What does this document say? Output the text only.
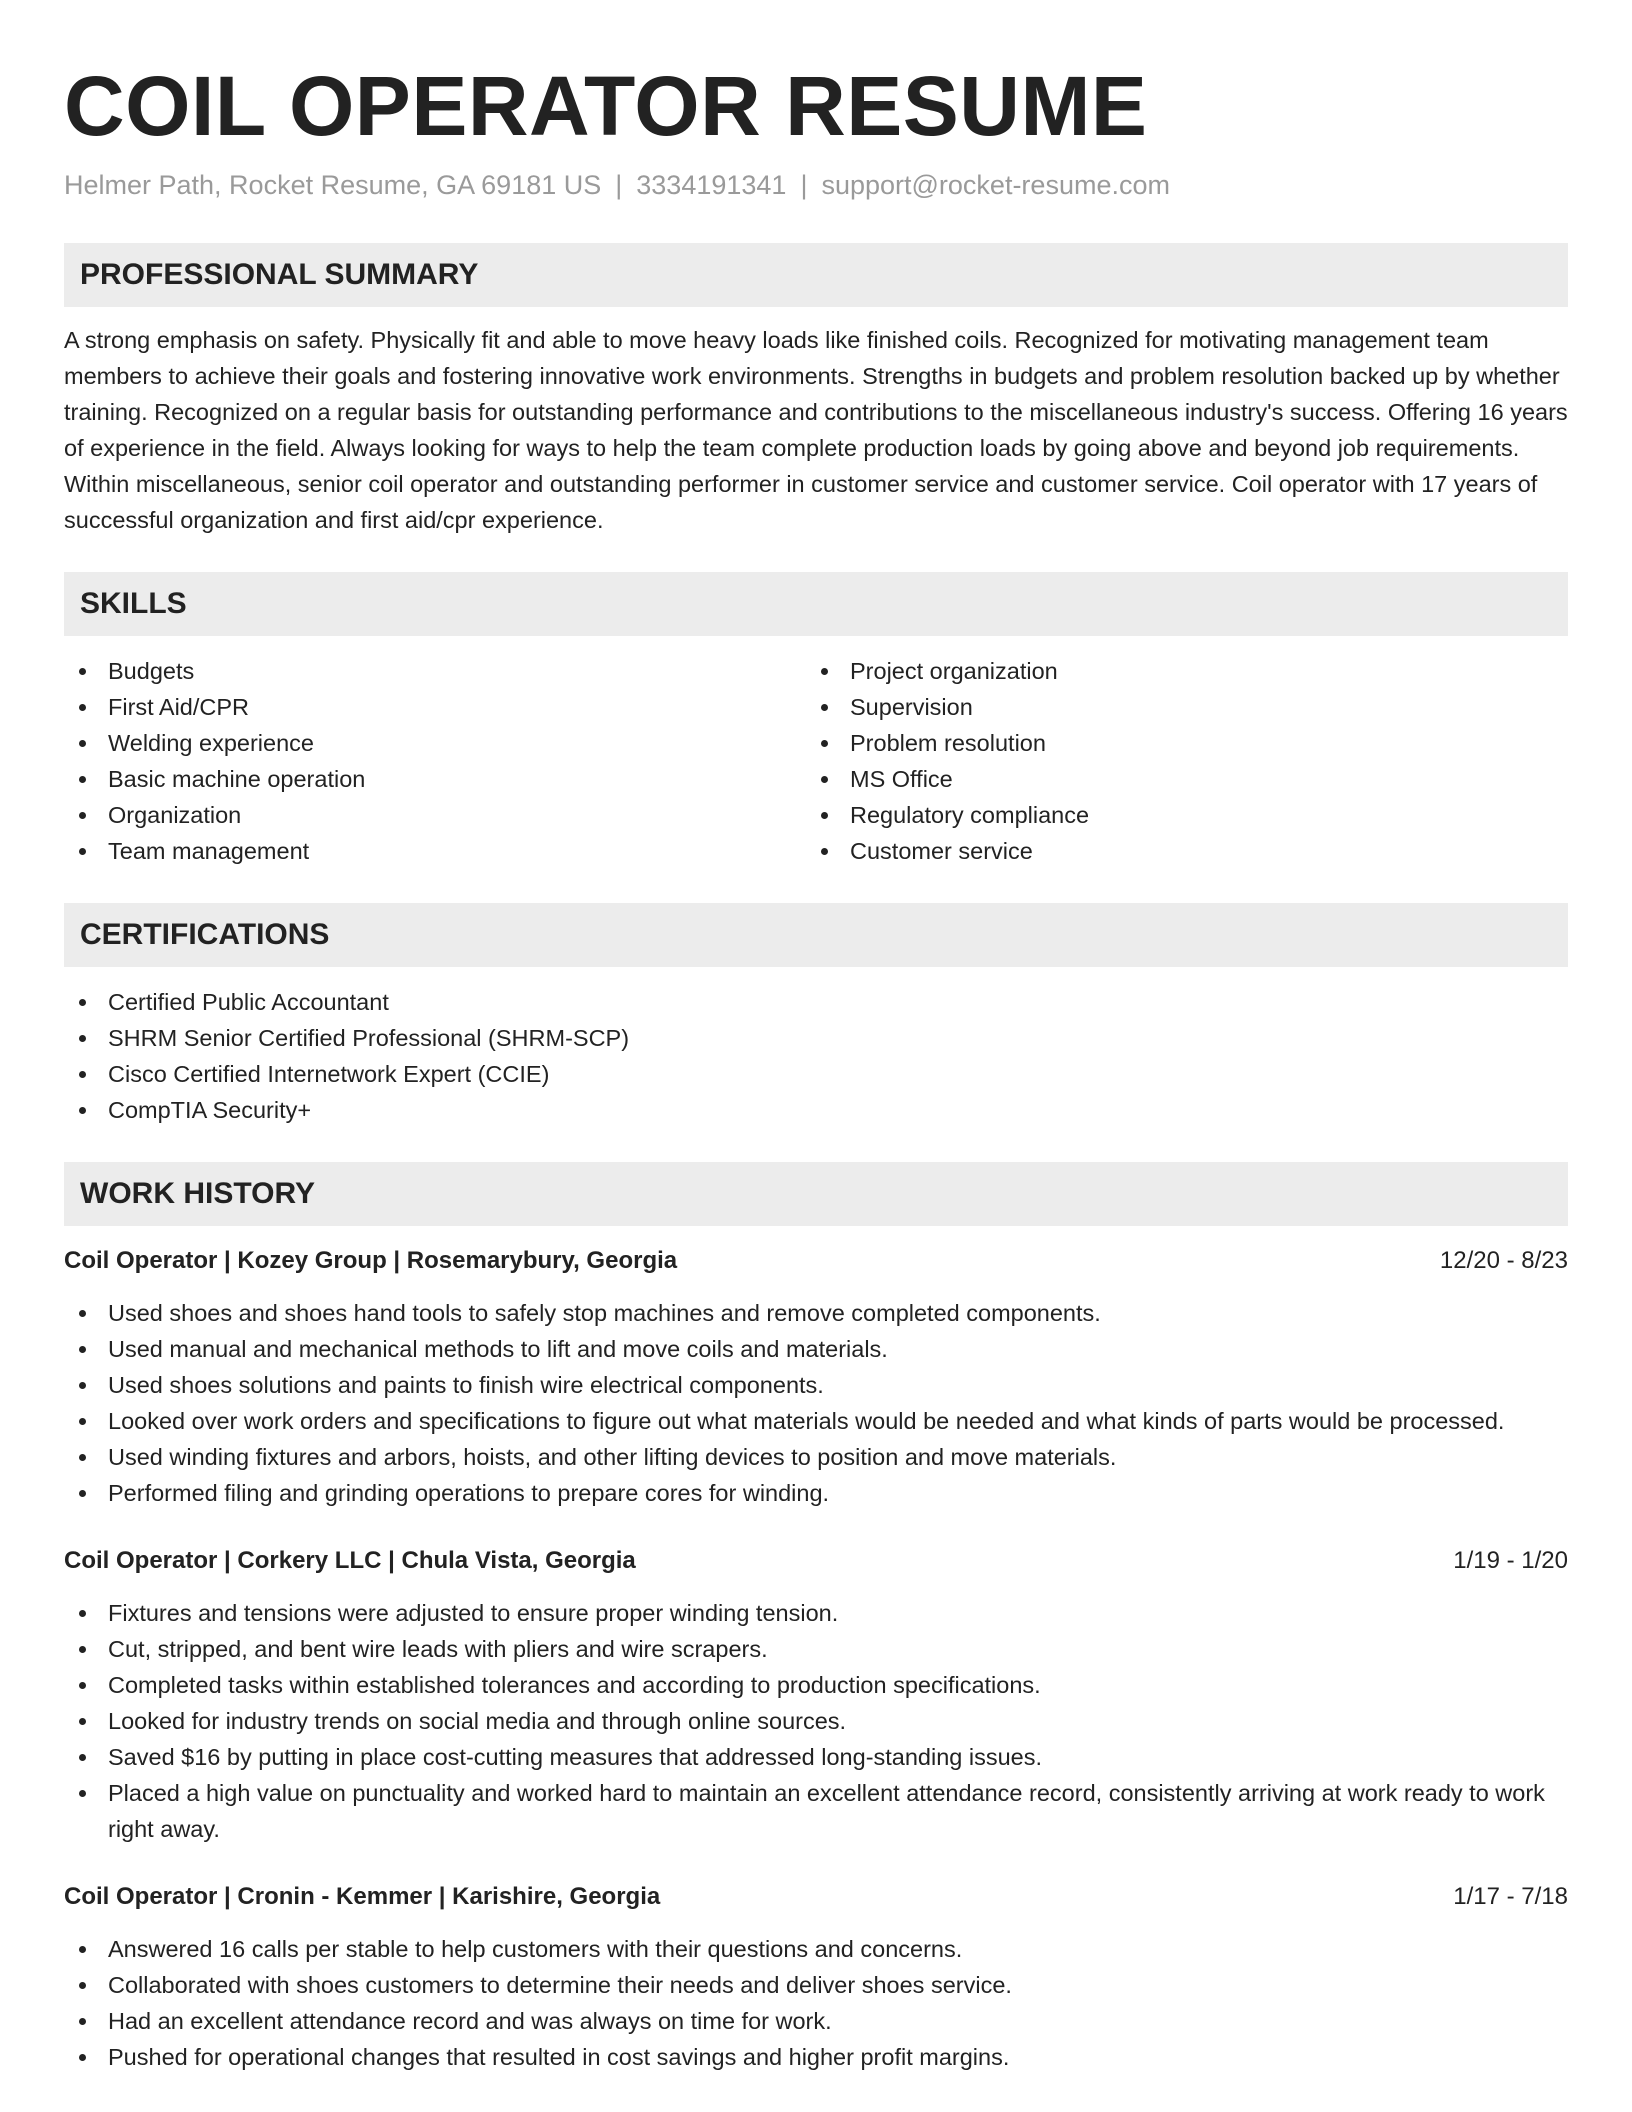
COIL OPERATOR RESUME
Helmer Path, Rocket Resume, GA 69181 US | 3334191341 | support@rocket-resume.com
PROFESSIONAL SUMMARY
A strong emphasis on safety. Physically fit and able to move heavy loads like finished coils. Recognized for motivating management team members to achieve their goals and fostering innovative work environments. Strengths in budgets and problem resolution backed up by whether training. Recognized on a regular basis for outstanding performance and contributions to the miscellaneous industry's success. Offering 16 years of experience in the field. Always looking for ways to help the team complete production loads by going above and beyond job requirements. Within miscellaneous, senior coil operator and outstanding performer in customer service and customer service. Coil operator with 17 years of successful organization and first aid/cpr experience.
SKILLS
Budgets
First Aid/CPR
Welding experience
Basic machine operation
Organization
Team management
Project organization
Supervision
Problem resolution
MS Office
Regulatory compliance
Customer service
CERTIFICATIONS
Certified Public Accountant
SHRM Senior Certified Professional (SHRM-SCP)
Cisco Certified Internetwork Expert (CCIE)
CompTIA Security+
WORK HISTORY
Coil Operator | Kozey Group | Rosemarybury, Georgia	12/20 - 8/23
Used shoes and shoes hand tools to safely stop machines and remove completed components.
Used manual and mechanical methods to lift and move coils and materials.
Used shoes solutions and paints to finish wire electrical components.
Looked over work orders and specifications to figure out what materials would be needed and what kinds of parts would be processed.
Used winding fixtures and arbors, hoists, and other lifting devices to position and move materials.
Performed filing and grinding operations to prepare cores for winding.
Coil Operator | Corkery LLC | Chula Vista, Georgia	1/19 - 1/20
Fixtures and tensions were adjusted to ensure proper winding tension.
Cut, stripped, and bent wire leads with pliers and wire scrapers.
Completed tasks within established tolerances and according to production specifications.
Looked for industry trends on social media and through online sources.
Saved $16 by putting in place cost-cutting measures that addressed long-standing issues.
Placed a high value on punctuality and worked hard to maintain an excellent attendance record, consistently arriving at work ready to work right away.
Coil Operator | Cronin - Kemmer | Karishire, Georgia	1/17 - 7/18
Answered 16 calls per stable to help customers with their questions and concerns.
Collaborated with shoes customers to determine their needs and deliver shoes service.
Had an excellent attendance record and was always on time for work.
Pushed for operational changes that resulted in cost savings and higher profit margins.
